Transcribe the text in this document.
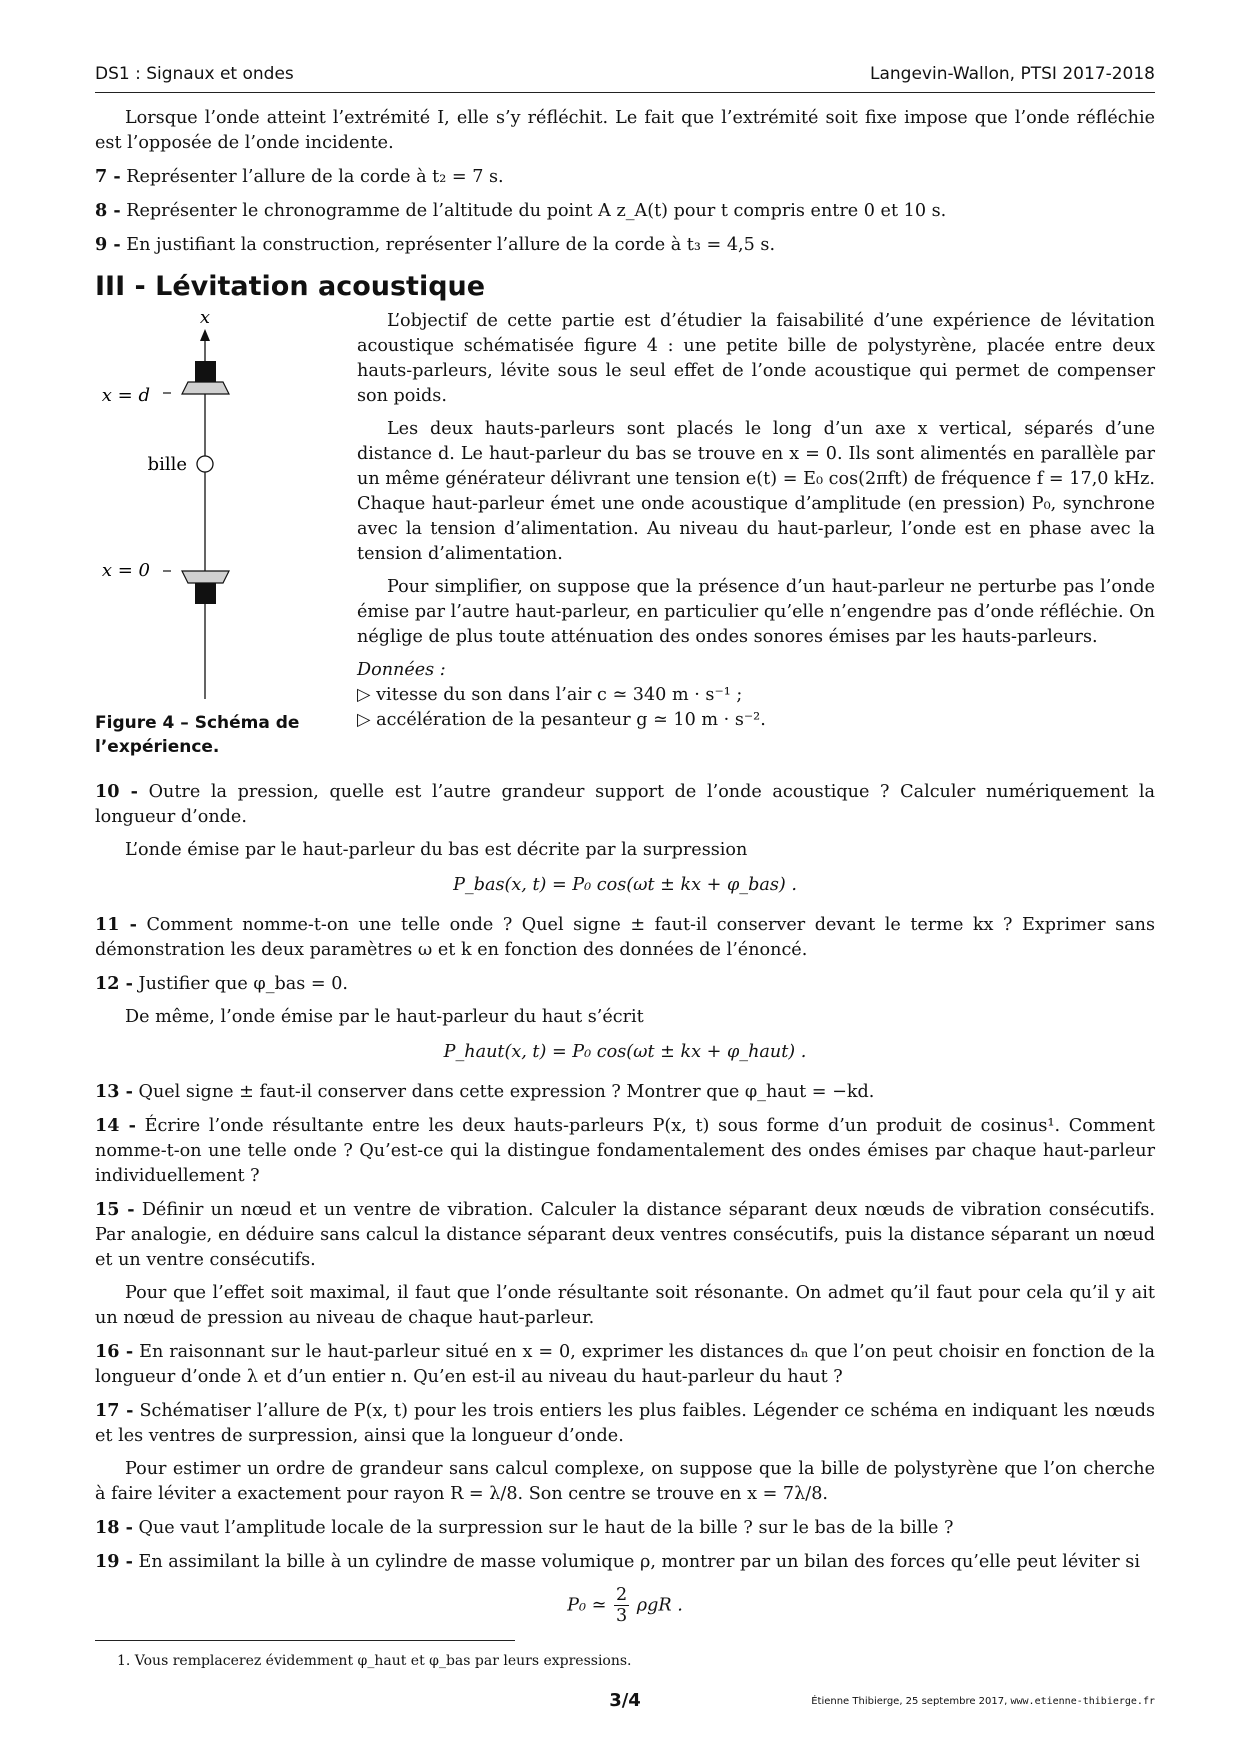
DS1 : Signaux et ondes	Langevin-Wallon, PTSI 2017-2018

Lorsque l’onde atteint l’extrémité I, elle s’y réfléchit. Le fait que l’extrémité soit fixe impose que l’onde réfléchie est l’opposée de l’onde incidente.

7 - Représenter l’allure de la corde à t₂ = 7 s.

8 - Représenter le chronogramme de l’altitude du point A z_A(t) pour t compris entre 0 et 10 s.

9 - En justifiant la construction, représenter l’allure de la corde à t₃ = 4,5 s.

III - Lévitation acoustique
x
x = d
bille
x = 0
Figure 4 – Schéma de l’expérience.

L’objectif de cette partie est d’étudier la faisabilité d’une expérience de lévitation acoustique schématisée figure 4 : une petite bille de polystyrène, placée entre deux hauts-parleurs, lévite sous le seul effet de l’onde acoustique qui permet de compenser son poids.

Les deux hauts-parleurs sont placés le long d’un axe x vertical, séparés d’une distance d. Le haut-parleur du bas se trouve en x = 0. Ils sont alimentés en parallèle par un même générateur délivrant une tension e(t) = E₀ cos(2πft) de fréquence f = 17,0 kHz. Chaque haut-parleur émet une onde acoustique d’amplitude (en pression) P₀, synchrone avec la tension d’alimentation. Au niveau du haut-parleur, l’onde est en phase avec la tension d’alimentation.

Pour simplifier, on suppose que la présence d’un haut-parleur ne perturbe pas l’onde émise par l’autre haut-parleur, en particulier qu’elle n’engendre pas d’onde réfléchie. On néglige de plus toute atténuation des ondes sonores émises par les hauts-parleurs.

Données :
▷ vitesse du son dans l’air c ≃ 340 m · s⁻¹ ;
▷ accélération de la pesanteur g ≃ 10 m · s⁻².

10 - Outre la pression, quelle est l’autre grandeur support de l’onde acoustique ? Calculer numériquement la longueur d’onde.

L’onde émise par le haut-parleur du bas est décrite par la surpression

P_bas(x, t) = P₀ cos(ωt ± kx + φ_bas) .

11 - Comment nomme-t-on une telle onde ? Quel signe ± faut-il conserver devant le terme kx ? Exprimer sans démonstration les deux paramètres ω et k en fonction des données de l’énoncé.

12 - Justifier que φ_bas = 0.

De même, l’onde émise par le haut-parleur du haut s’écrit

P_haut(x, t) = P₀ cos(ωt ± kx + φ_haut) .

13 - Quel signe ± faut-il conserver dans cette expression ? Montrer que φ_haut = −kd.

14 - Écrire l’onde résultante entre les deux hauts-parleurs P(x, t) sous forme d’un produit de cosinus¹. Comment nomme-t-on une telle onde ? Qu’est-ce qui la distingue fondamentalement des ondes émises par chaque haut-parleur individuellement ?

15 - Définir un nœud et un ventre de vibration. Calculer la distance séparant deux nœuds de vibration consécutifs. Par analogie, en déduire sans calcul la distance séparant deux ventres consécutifs, puis la distance séparant un nœud et un ventre consécutifs.

Pour que l’effet soit maximal, il faut que l’onde résultante soit résonante. On admet qu’il faut pour cela qu’il y ait un nœud de pression au niveau de chaque haut-parleur.

16 - En raisonnant sur le haut-parleur situé en x = 0, exprimer les distances dₙ que l’on peut choisir en fonction de la longueur d’onde λ et d’un entier n. Qu’en est-il au niveau du haut-parleur du haut ?

17 - Schématiser l’allure de P(x, t) pour les trois entiers les plus faibles. Légender ce schéma en indiquant les nœuds et les ventres de surpression, ainsi que la longueur d’onde.

Pour estimer un ordre de grandeur sans calcul complexe, on suppose que la bille de polystyrène que l’on cherche à faire léviter a exactement pour rayon R = λ/8. Son centre se trouve en x = 7λ/8.

18 - Que vaut l’amplitude locale de la surpression sur le haut de la bille ? sur le bas de la bille ?

19 - En assimilant la bille à un cylindre de masse volumique ρ, montrer par un bilan des forces qu’elle peut léviter si

P₀ ≃ $\frac{2}{3}$ ρgR .
1. Vous remplacerez évidemment φ_haut et φ_bas par leurs expressions.
3/4	Étienne Thibierge, 25 septembre 2017, www.etienne-thibierge.fr
